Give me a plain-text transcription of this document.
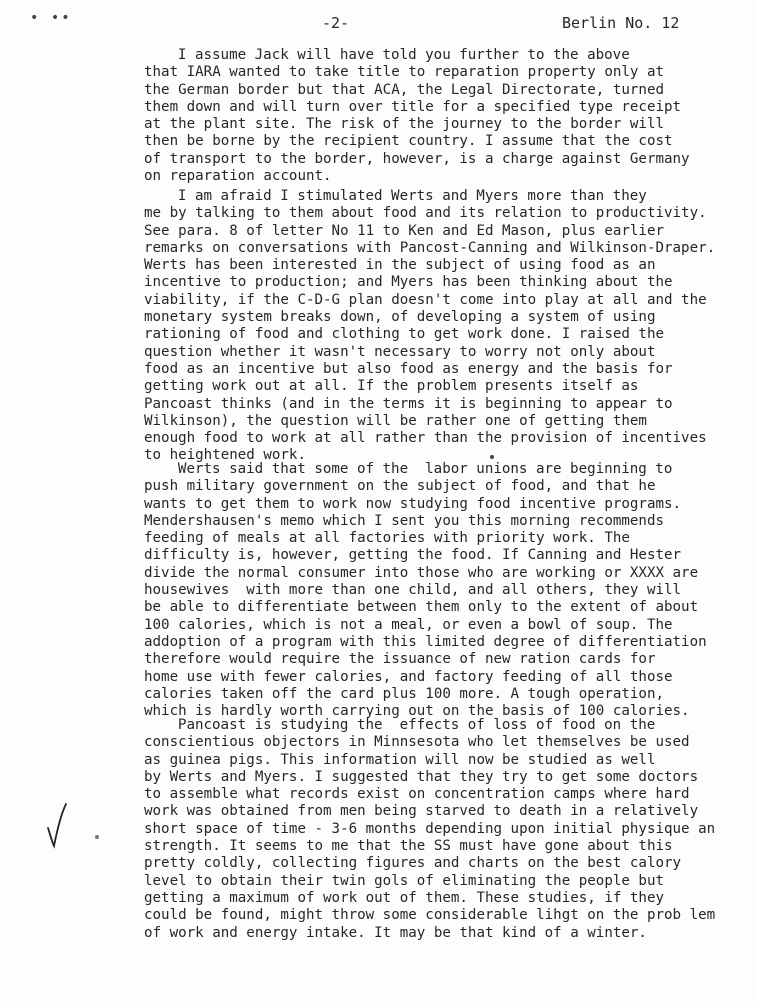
• ••	-2-	Berlin No. 12
I assume Jack will have told you further to the above
that IARA wanted to take title to reparation property only at
the German border but that ACA, the Legal Directorate, turned
them down and will turn over title for a specified type receipt
at the plant site. The risk of the journey to the border will
then be borne by the recipient country. I assume that the cost
of transport to the border, however, is a charge against Germany
on reparation account.
I am afraid I stimulated Werts and Myers more than they
me by talking to them about food and its relation to productivity.
See para. 8 of letter No 11 to Ken and Ed Mason, plus earlier
remarks on conversations with Pancost-Canning and Wilkinson-Draper.
Werts has been interested in the subject of using food as an
incentive to production; and Myers has been thinking about the
viability, if the C-D-G plan doesn't come into play at all and the
monetary system breaks down, of developing a system of using
rationing of food and clothing to get work done. I raised the
question whether it wasn't necessary to worry not only about
food as an incentive but also food as energy and the basis for
getting work out at all. If the problem presents itself as
Pancoast thinks (and in the terms it is beginning to appear to
Wilkinson), the question will be rather one of getting them
enough food to work at all rather than the provision of incentives
to heightened work.
Werts said that some of the  labor unions are beginning to
push military government on the subject of food, and that he
wants to get them to work now studying food incentive programs.
Mendershausen's memo which I sent you this morning recommends
feeding of meals at all factories with priority work. The
difficulty is, however, getting the food. If Canning and Hester
divide the normal consumer into those who are working or XXXX are
housewives  with more than one child, and all others, they will
be able to differentiate between them only to the extent of about
100 calories, which is not a meal, or even a bowl of soup. The
addoption of a program with this limited degree of differentiation
therefore would require the issuance of new ration cards for
home use with fewer calories, and factory feeding of all those
calories taken off the card plus 100 more. A tough operation,
which is hardly worth carrying out on the basis of 100 calories.
Pancoast is studying the  effects of loss of food on the
conscientious objectors in Minnsesota who let themselves be used
as guinea pigs. This information will now be studied as well
by Werts and Myers. I suggested that they try to get some doctors
to assemble what records exist on concentration camps where hard
work was obtained from men being starved to death in a relatively
short space of time - 3-6 months depending upon initial physique an
strength. It seems to me that the SS must have gone about this
pretty coldly, collecting figures and charts on the best calory
level to obtain their twin gols of eliminating the people but
getting a maximum of work out of them. These studies, if they
could be found, might throw some considerable lihgt on the prob lem
of work and energy intake. It may be that kind of a winter.
